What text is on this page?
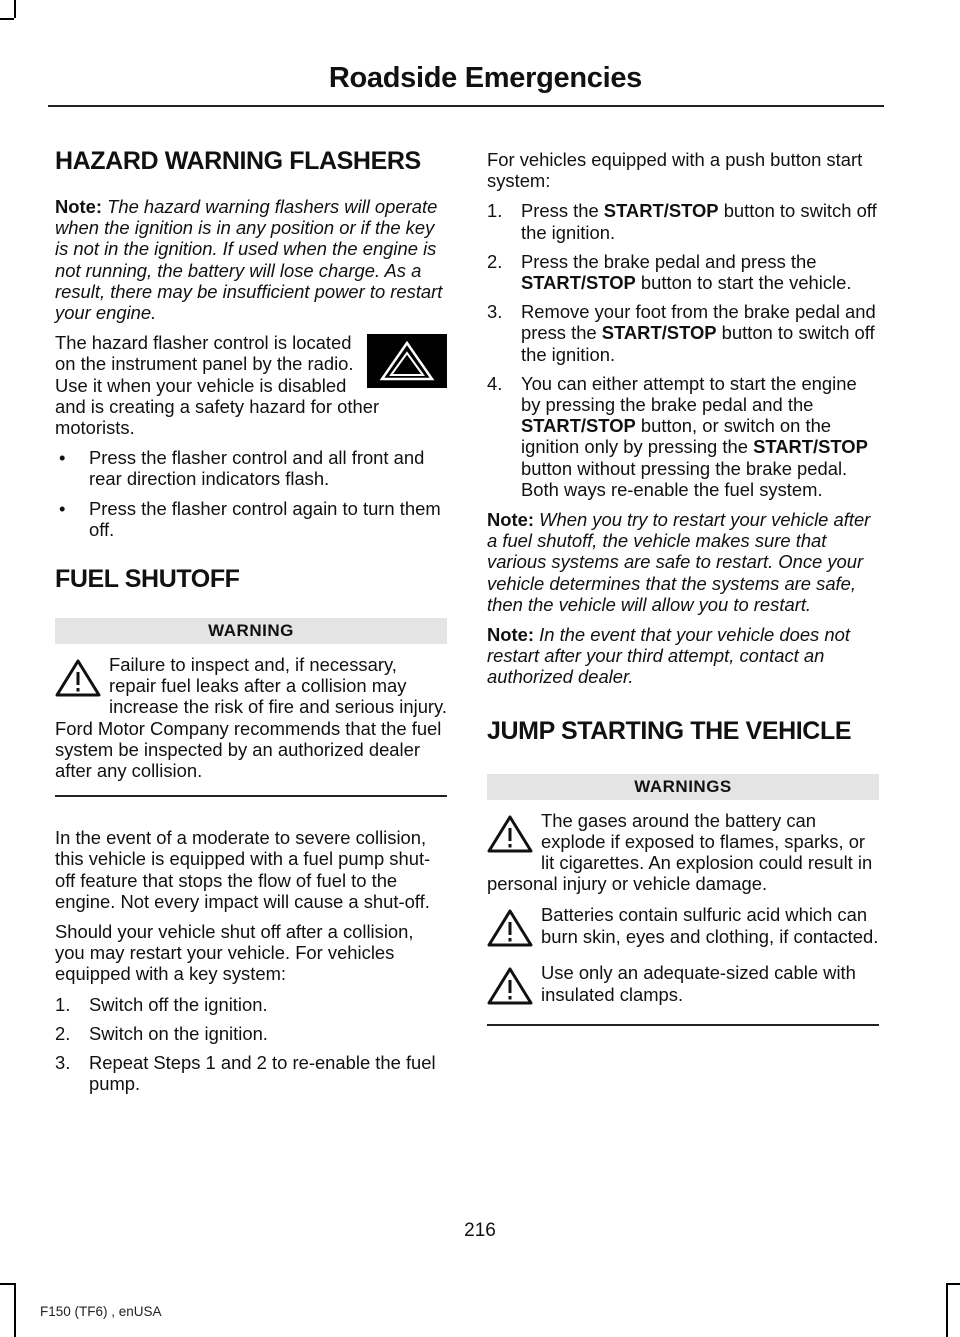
Roadside Emergencies
HAZARD WARNING FLASHERS
Note: The hazard warning flashers will operate when the ignition is in any position or if the key is not in the ignition. If used when the engine is not running, the battery will lose charge. As a result, there may be insufficient power to restart your engine.
The hazard flasher control is located on the instrument panel by the radio. Use it when your vehicle is disabled and is creating a safety hazard for other motorists.
• Press the flasher control and all front and rear direction indicators flash.
• Press the flasher control again to turn them off.
FUEL SHUTOFF
WARNING
Failure to inspect and, if necessary, repair fuel leaks after a collision may increase the risk of fire and serious injury. Ford Motor Company recommends that the fuel system be inspected by an authorized dealer after any collision.
In the event of a moderate to severe collision, this vehicle is equipped with a fuel pump shut-off feature that stops the flow of fuel to the engine. Not every impact will cause a shut-off.
Should your vehicle shut off after a collision, you may restart your vehicle. For vehicles equipped with a key system:
1. Switch off the ignition.
2. Switch on the ignition.
3. Repeat Steps 1 and 2 to re-enable the fuel pump.
For vehicles equipped with a push button start system:
1. Press the START/STOP button to switch off the ignition.
2. Press the brake pedal and press the START/STOP button to start the vehicle.
3. Remove your foot from the brake pedal and press the START/STOP button to switch off the ignition.
4. You can either attempt to start the engine by pressing the brake pedal and the START/STOP button, or switch on the ignition only by pressing the START/STOP button without pressing the brake pedal. Both ways re-enable the fuel system.
Note: When you try to restart your vehicle after a fuel shutoff, the vehicle makes sure that various systems are safe to restart. Once your vehicle determines that the systems are safe, then the vehicle will allow you to restart.
Note: In the event that your vehicle does not restart after your third attempt, contact an authorized dealer.
JUMP STARTING THE VEHICLE
WARNINGS
The gases around the battery can explode if exposed to flames, sparks, or lit cigarettes. An explosion could result in personal injury or vehicle damage.
Batteries contain sulfuric acid which can burn skin, eyes and clothing, if contacted.
Use only an adequate-sized cable with insulated clamps.
216
F150 (TF6) , enUSA
